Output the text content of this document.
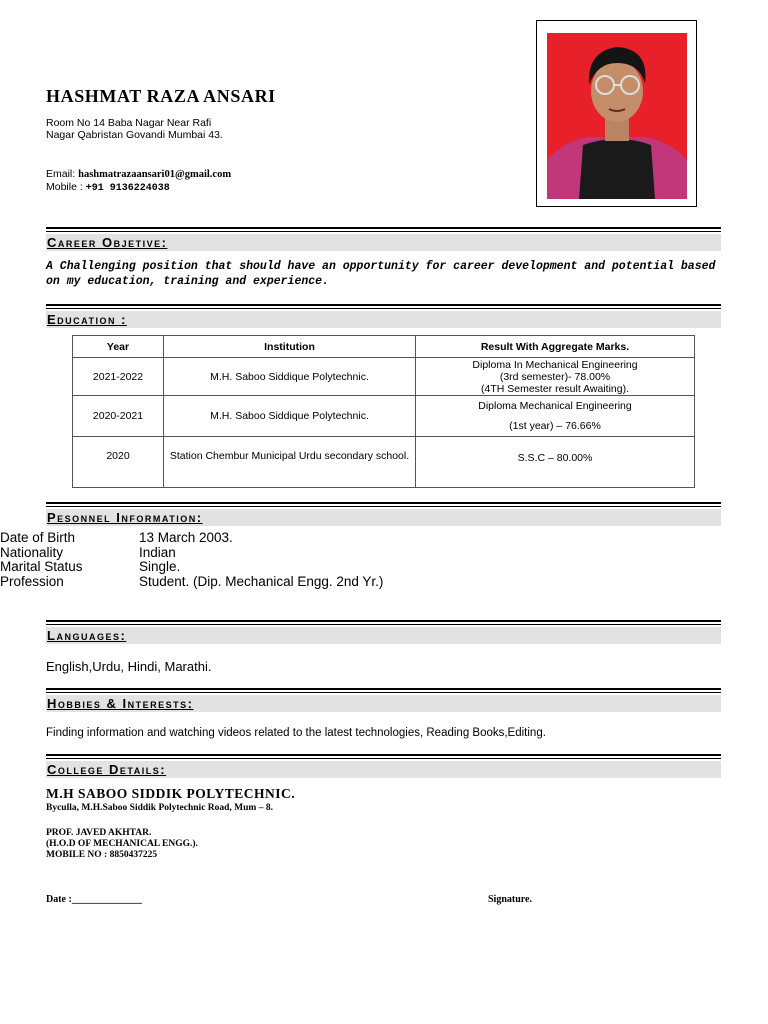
HASHMAT RAZA ANSARI
Room No 14 Baba Nagar Near Rafi
Nagar Qabristan Govandi Mumbai 43.
Email: hashmatrazaansari01@gmail.com
Mobile : +91 9136224038
Career Objetive:
A Challenging position that should have an opportunity for career development and potential based on my education, training and experience.
Education :
Year	Institution	Result With Aggregate Marks.
2021-2022	M.H. Saboo Siddique Polytechnic.	Diploma In Mechanical Engineering
(3rd semester)- 78.00%
(4TH Semester result Awaiting).

2020-2021	M.H. Saboo Siddique Polytechnic.	Diploma Mechanical Engineering
(1st year) – 76.66%

2020	Station Chembur Municipal Urdu secondary school.	S.S.C – 80.00%
Pesonnel Information:
Date of Birth	13 March 2003.
Nationality	Indian
Marital Status	Single.
Profession	Student. (Dip. Mechanical Engg. 2nd Yr.)
Languages:
English,Urdu, Hindi, Marathi.
Hobbies & Interests:
Finding information and watching videos related to the latest technologies, Reading Books,Editing.
College Details:
M.H SABOO SIDDIK POLYTECHNIC.
Byculla, M.H.Saboo Siddik Polytechnic Road, Mum – 8.
PROF. JAVED AKHTAR.
(H.O.D OF MECHANICAL ENGG.).
MOBILE NO : 8850437225
Date :______________	Signature.
